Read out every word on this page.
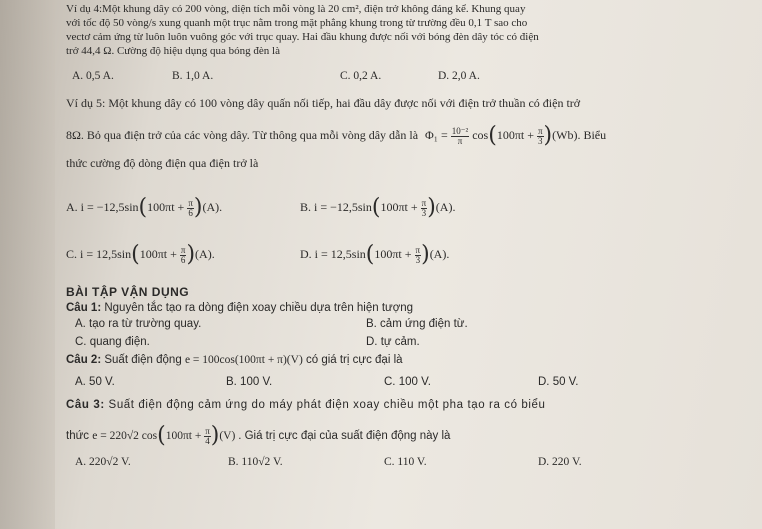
Ví dụ 4:Một khung dây có 200 vòng, diện tích mỗi vòng là 20 cm², điện trở không đáng kể. Khung quay
với tốc độ 50 vòng/s xung quanh một trục nằm trong mặt phẳng khung trong từ trường đều 0,1 T sao cho
vectơ cảm ứng từ luôn luôn vuông góc với trục quay. Hai đầu khung được nối với bóng đèn dây tóc có điện
trở 44,4 Ω. Cường độ hiệu dụng qua bóng đèn là
A. 0,5 A.	B. 1,0 A.	C. 0,2 A.	D. 2,0 A.
Ví dụ 5: Một khung dây có 100 vòng dây quấn nối tiếp, hai đầu dây được nối với điện trở thuần có điện trở
8Ω. Bỏ qua điện trở của các vòng dây. Từ thông qua mỗi vòng dây dẫn là $\Phi_1 = \frac{\text{10⁻²}}{\pi} \cos(100\pi t + \frac{\pi}{3} )(Wb)$. Biểu
thức cường độ dòng điện qua điện trở là
A. $i = -12,5\sin(100\pi t + \frac{\pi}{6} )(A)$.	B. $i = -12,5\sin(100\pi t + \frac{\pi}{3} )(A)$.
C. $i = 12,5\sin(100\pi t + \frac{\pi}{6} )(A)$.	D. $i = 12,5\sin(100\pi t + \frac{\pi}{3} )(A)$.
BÀI TẬP VẬN DỤNG
Câu 1: Nguyên tắc tạo ra dòng điện xoay chiều dựa trên hiện tượng
A. tạo ra từ trường quay.	B. cảm ứng điện từ.
C. quang điện.	D. tự cảm.
Câu 2: Suất điện động e = 100cos(100πt + π)(V) có giá trị cực đại là
A. 50 V.	B. 100 V.	C. 100 V.	D. 50 V.
Câu 3: Suất điện động cảm ứng do máy phát điện xoay chiều một pha tạo ra có biểu
thức e = 220√2 $\cos(100\pi t + \frac{\pi}{4} )(V)$ . Giá trị cực đại của suất điện động này là
A. 220√2 V.	B. 110√2 V.	C. 110 V.	D. 220 V.
